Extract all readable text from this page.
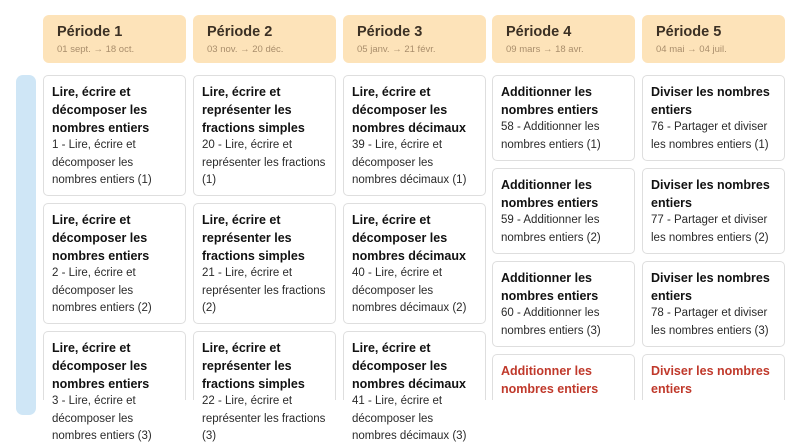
Période 1
01 sept. → 18 oct.
Lire, écrire et décomposer les nombres entiers
1 - Lire, écrire et décomposer les nombres entiers (1)
Lire, écrire et décomposer les nombres entiers
2 - Lire, écrire et décomposer les nombres entiers (2)
Lire, écrire et décomposer les nombres entiers
3 - Lire, écrire et décomposer les nombres entiers (3)
Période 2
03 nov. → 20 déc.
Lire, écrire et représenter les fractions simples
20 - Lire, écrire et représenter les fractions (1)
Lire, écrire et représenter les fractions simples
21 - Lire, écrire et représenter les fractions (2)
Lire, écrire et représenter les fractions simples
22 - Lire, écrire et représenter les fractions (3)
Période 3
05 janv. → 21 févr.
Lire, écrire et décomposer les nombres décimaux
39 - Lire, écrire et décomposer les nombres décimaux (1)
Lire, écrire et décomposer les nombres décimaux
40 - Lire, écrire et décomposer les nombres décimaux (2)
Lire, écrire et décomposer les nombres décimaux
41 - Lire, écrire et décomposer les nombres décimaux (3)
Période 4
09 mars → 18 avr.
Additionner les nombres entiers
58 - Additionner les nombres entiers (1)
Additionner les nombres entiers
59 - Additionner les nombres entiers (2)
Additionner les nombres entiers
60 - Additionner les nombres entiers (3)
Additionner les nombres entiers
Période 5
04 mai → 04 juil.
Diviser les nombres entiers
76 - Partager et diviser les nombres entiers (1)
Diviser les nombres entiers
77 - Partager et diviser les nombres entiers (2)
Diviser les nombres entiers
78 - Partager et diviser les nombres entiers (3)
Diviser les nombres entiers
